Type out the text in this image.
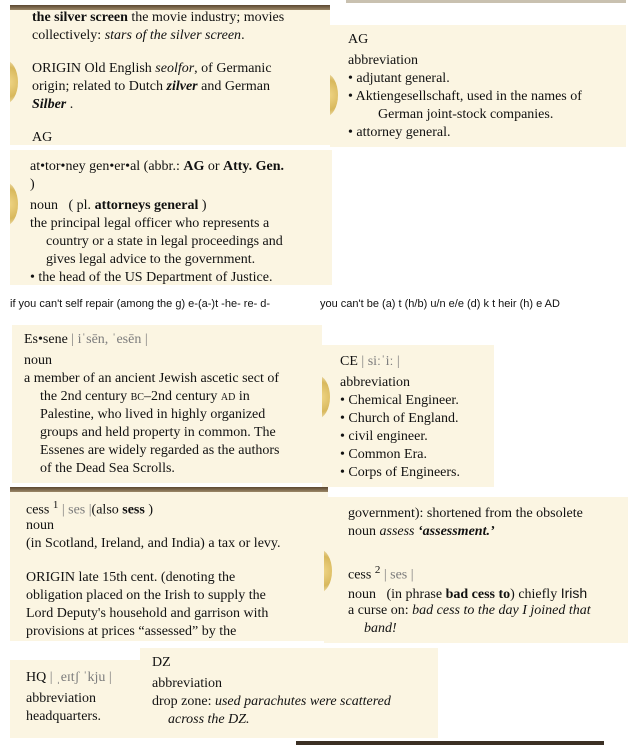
the silver screen the movie industry; movies
collectively: stars of the silver screen.
ORIGIN Old English seolfor, of Germanic
origin; related to Dutch zilver and German
Silber .
AG
AG
abbreviation
• adjutant general.
• Aktiengesellschaft, used in the names of
German joint-stock companies.
• attorney general.
at•tor•ney gen•er•al (abbr.: AG or Atty. Gen.
)
noun ( pl. attorneys general )
the principal legal officer who represents a
country or a state in legal proceedings and
gives legal advice to the government.
• the head of the US Department of Justice.
if you can't self repair (among the g) e-(a-)t -he- re- d-	you can't be (a) t (h/b) u/n e/e (d) k t heir (h) e AD
Es•sene | iˈsēn, ˈesēn |
noun
a member of an ancient Jewish ascetic sect of
the 2nd century BC–2nd century AD in
Palestine, who lived in highly organized
groups and held property in common. The
Essenes are widely regarded as the authors
of the Dead Sea Scrolls.
CE | siːˈiː |
abbreviation
• Chemical Engineer.
• Church of England.
• civil engineer.
• Common Era.
• Corps of Engineers.
cess $^1$ | ses |(also sess )
noun
(in Scotland, Ireland, and India) a tax or levy.
ORIGIN late 15th cent. (denoting the
obligation placed on the Irish to supply the
Lord Deputy's household and garrison with
provisions at prices “assessed” by the
government): shortened from the obsolete
noun assess ‘assessment.’
cess $^2$ | ses |
noun (in phrase bad cess to) chiefly Irish
a curse on: bad cess to the day I joined that
band!
HQ | ˌeɪtʃ ˈkju |
abbreviation
headquarters.
DZ
abbreviation
drop zone: used parachutes were scattered
across the DZ.
